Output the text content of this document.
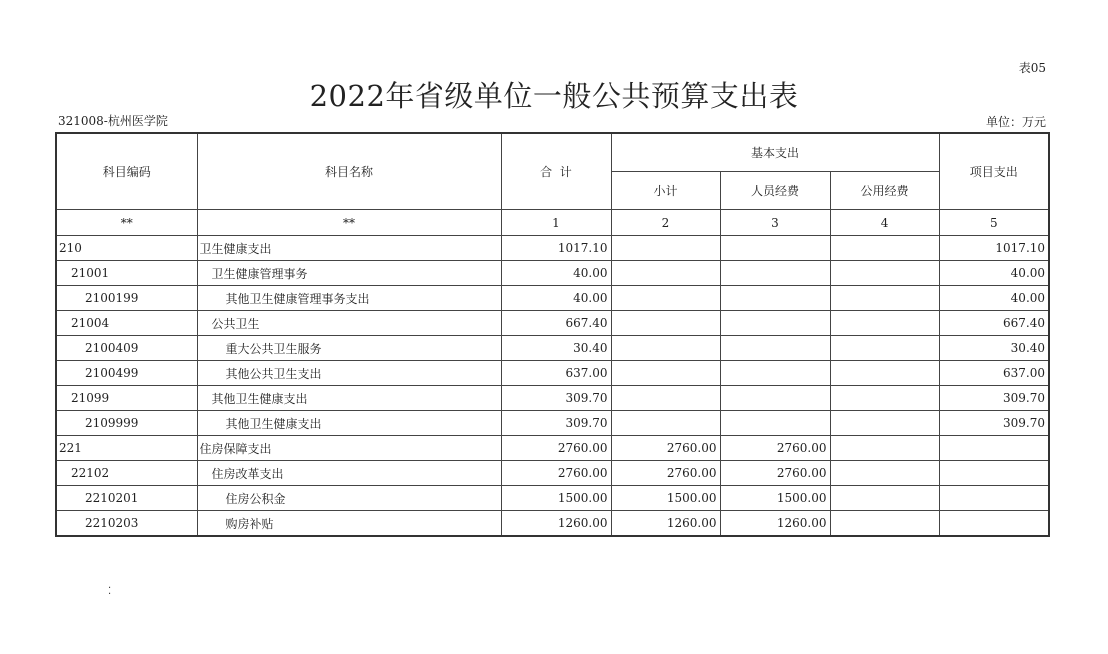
表05
2022年省级单位一般公共预算支出表
321008-杭州医学院	单位：万元
科目编码	科目名称	合  计	基本支出			项目支出
			小计	人员经费	公用经费	
**	**	1	2	3	4	5
210	卫生健康支出	1017.10				1017.10
21001	卫生健康管理事务	40.00				40.00
2100199	其他卫生健康管理事务支出	40.00				40.00
21004	公共卫生	667.40				667.40
2100409	重大公共卫生服务	30.40				30.40
2100499	其他公共卫生支出	637.00				637.00
21099	其他卫生健康支出	309.70				309.70
2109999	其他卫生健康支出	309.70				309.70
221	住房保障支出	2760.00	2760.00	2760.00		
22102	住房改革支出	2760.00	2760.00	2760.00		
2210201	住房公积金	1500.00	1500.00	1500.00		
2210203	购房补贴	1260.00	1260.00	1260.00		
⁚
